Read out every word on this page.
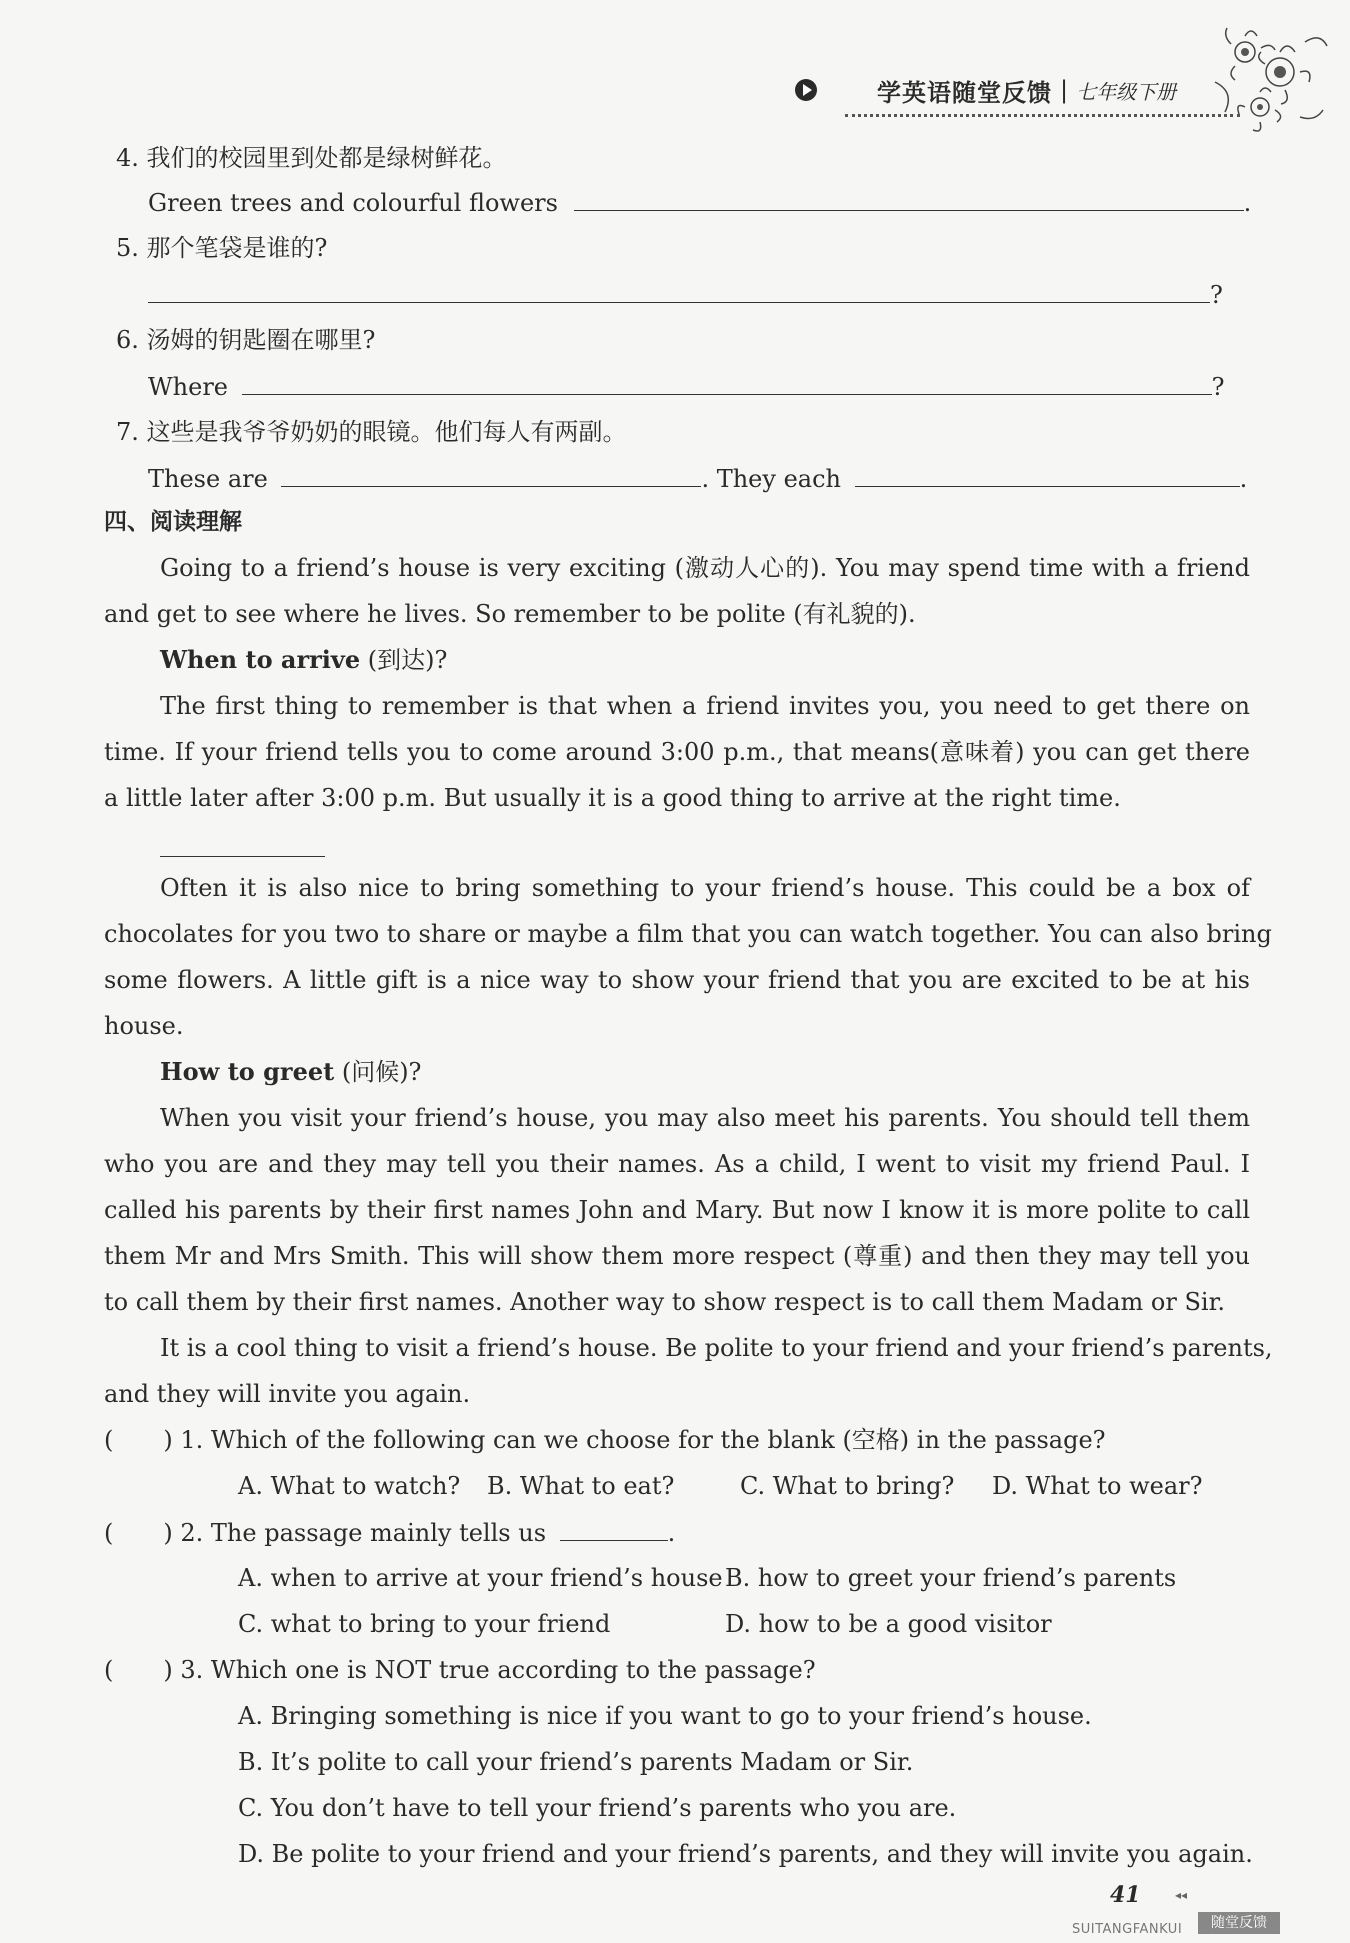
学英语随堂反馈 | 七年级下册
4. 我们的校园里到处都是绿树鲜花。
Green trees and colourful flowers	.
5. 那个笔袋是谁的?
?
6. 汤姆的钥匙圈在哪里?
Where	?
7. 这些是我爷爷奶奶的眼镜。他们每人有两副。
These are	. They each	.
四、阅读理解
Going to a friend’s house is very exciting (激动人心的). You may spend time with a friend
and get to see where he lives. So remember to be polite (有礼貌的).
When to arrive (到达)?
The first thing to remember is that when a friend invites you, you need to get there on
time. If your friend tells you to come around 3:00 p.m., that means(意味着) you can get there
a little later after 3:00 p.m. But usually it is a good thing to arrive at the right time.
Often it is also nice to bring something to your friend’s house. This could be a box of
chocolates for you two to share or maybe a film that you can watch together. You can also bring
some flowers. A little gift is a nice way to show your friend that you are excited to be at his
house.
How to greet (问候)?
When you visit your friend’s house, you may also meet his parents. You should tell them
who you are and they may tell you their names. As a child, I went to visit my friend Paul. I
called his parents by their first names John and Mary. But now I know it is more polite to call
them Mr and Mrs Smith. This will show them more respect (尊重) and then they may tell you
to call them by their first names. Another way to show respect is to call them Madam or Sir.
It is a cool thing to visit a friend’s house. Be polite to your friend and your friend’s parents,
and they will invite you again.
( ) 1. Which of the following can we choose for the blank (空格) in the passage?
A. What to watch? B. What to eat?	C. What to bring? D. What to wear?
( ) 2. The passage mainly tells us	.
A. when to arrive at your friend’s house B. how to greet your friend’s parents
C. what to bring to your friend	D. how to be a good visitor
( ) 3. Which one is NOT true according to the passage?
A. Bringing something is nice if you want to go to your friend’s house.
B. It’s polite to call your friend’s parents Madam or Sir.
C. You don’t have to tell your friend’s parents who you are.
D. Be polite to your friend and your friend’s parents, and they will invite you again.
41	◂◂
SUITANGFANKUI	随堂反馈
